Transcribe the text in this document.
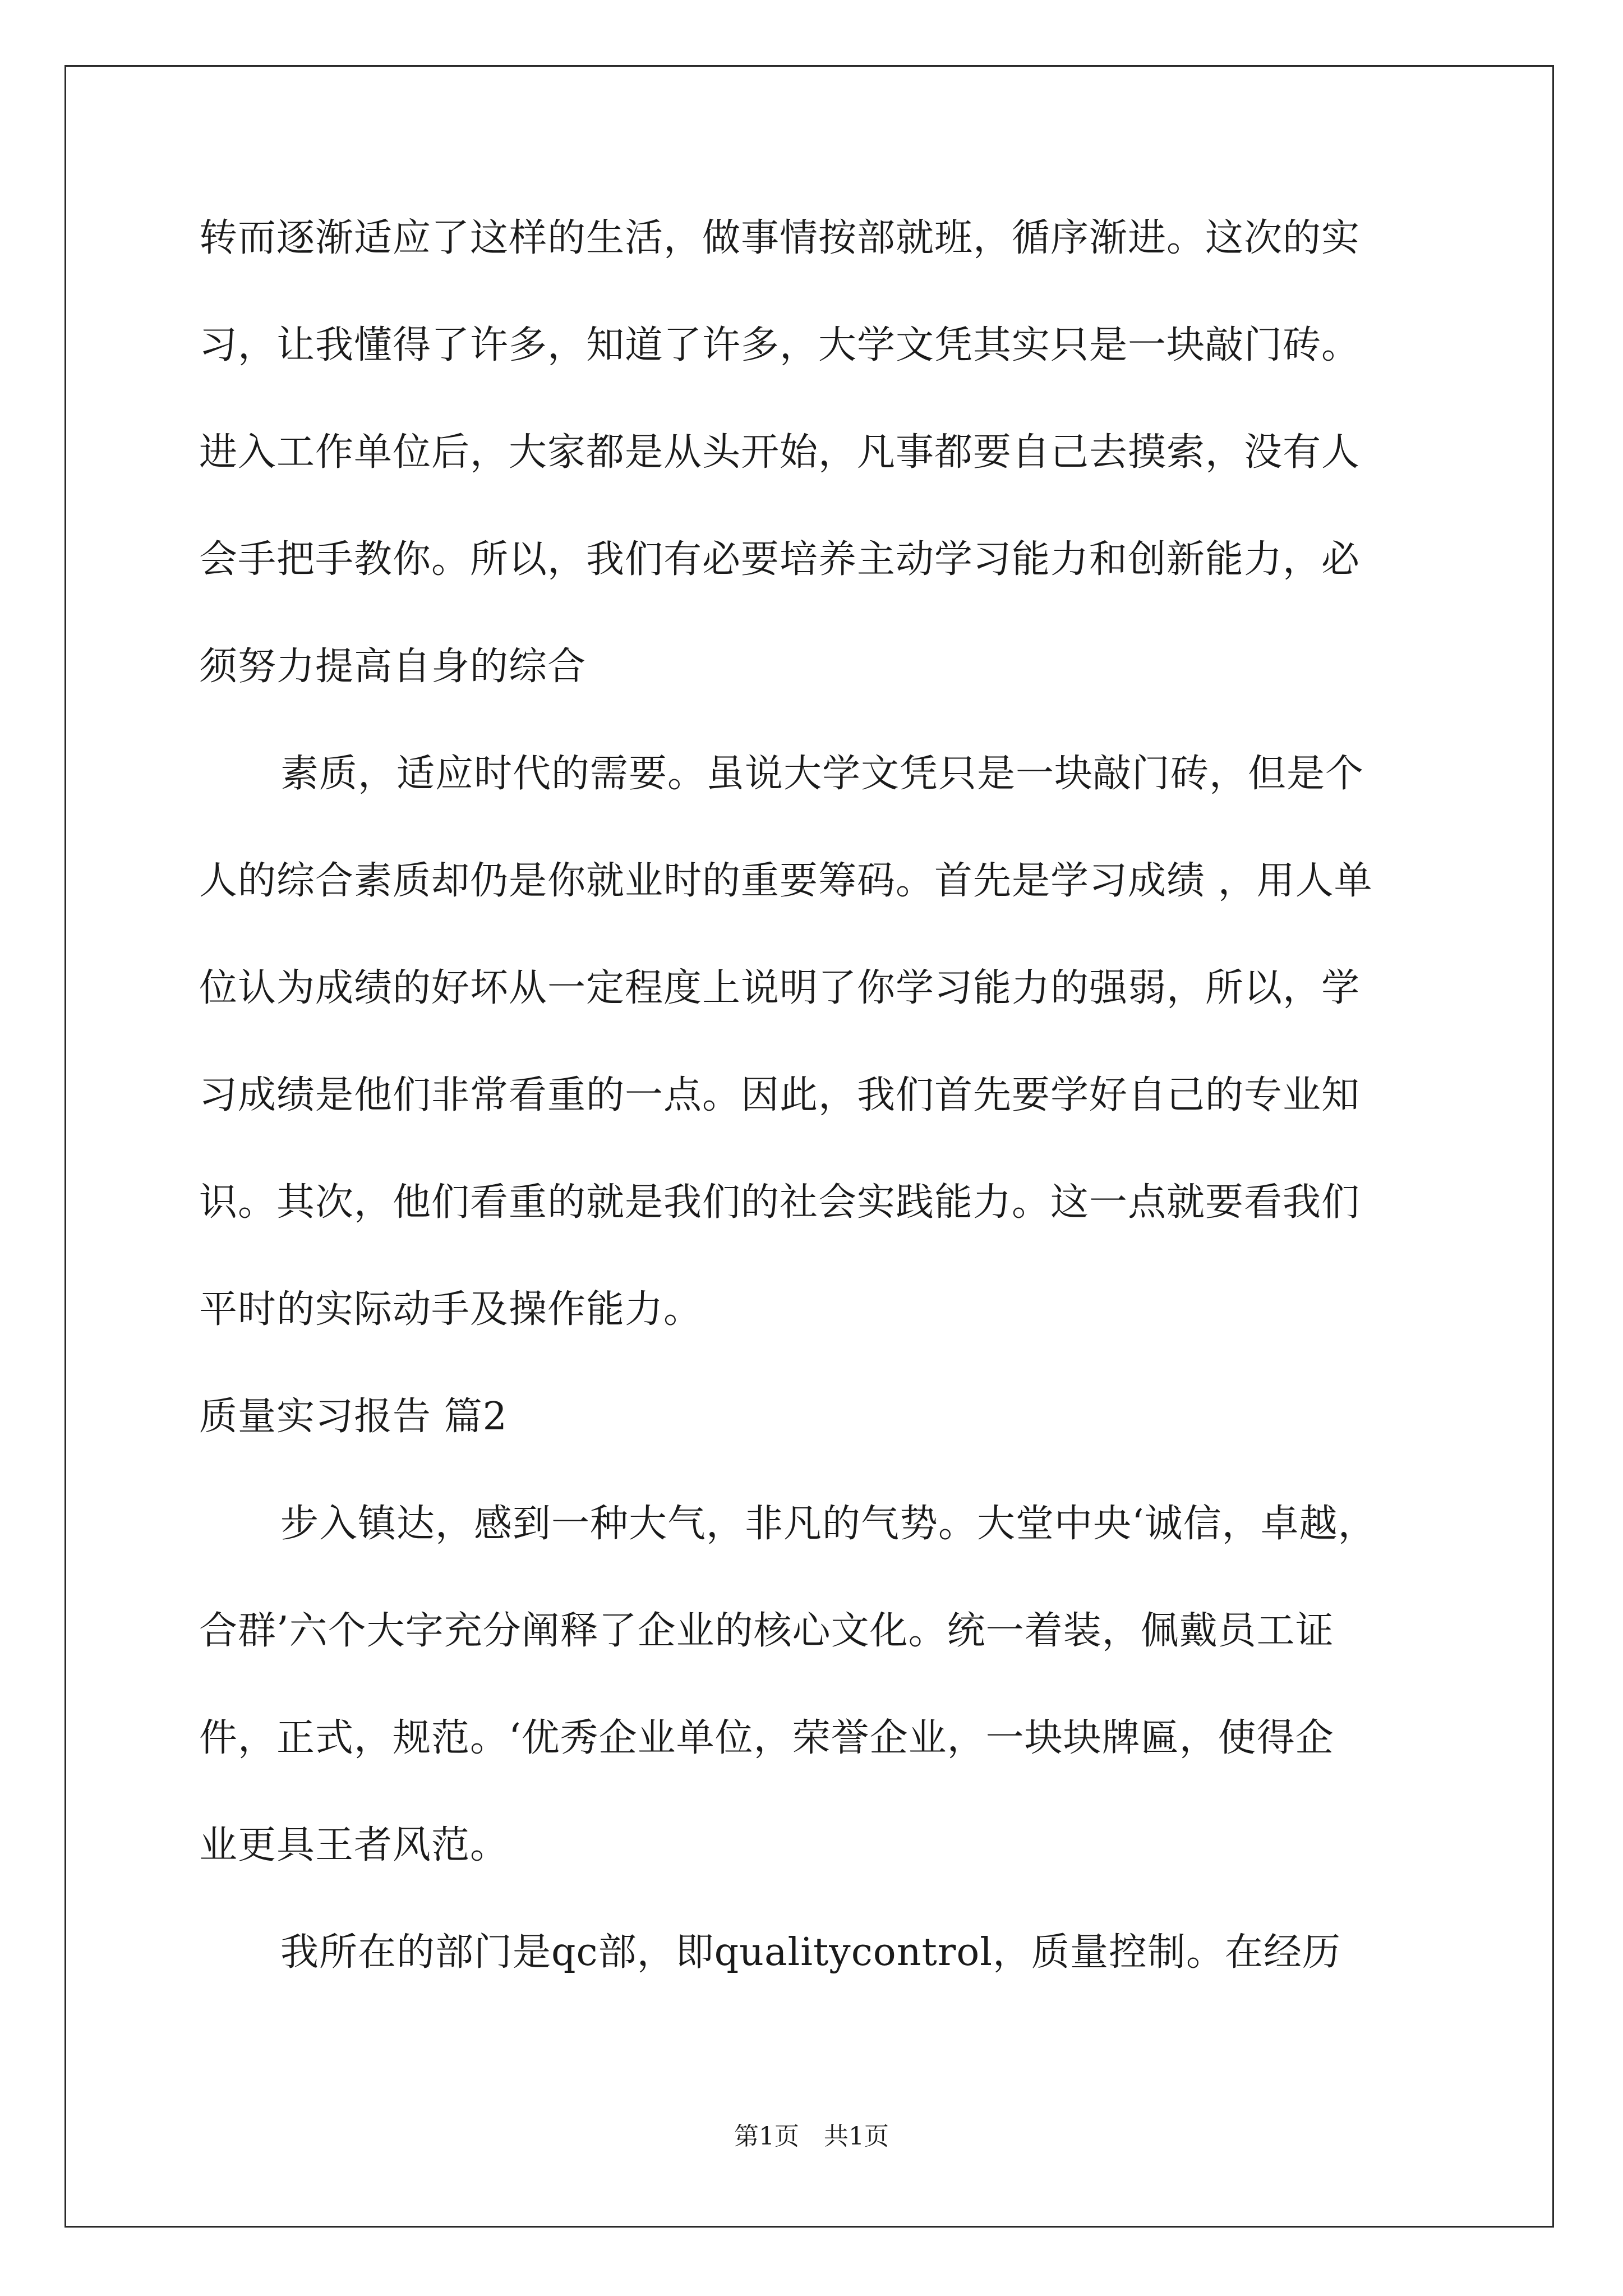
转而逐渐适应了这样的生活，做事情按部就班，循序渐进。这次的实
习，让我懂得了许多，知道了许多，大学文凭其实只是一块敲门砖。
进入工作单位后，大家都是从头开始，凡事都要自己去摸索，没有人
会手把手教你。所以，我们有必要培养主动学习能力和创新能力，必
须努力提高自身的综合
素质，适应时代的需要。虽说大学文凭只是一块敲门砖，但是个
人的综合素质却仍是你就业时的重要筹码。首先是学习成绩 ，用人单
位认为成绩的好坏从一定程度上说明了你学习能力的强弱，所以，学
习成绩是他们非常看重的一点。因此，我们首先要学好自己的专业知
识。其次，他们看重的就是我们的社会实践能力。这一点就要看我们
平时的实际动手及操作能力。
质量实习报告 篇2
步入镇达，感到一种大气，非凡的气势。大堂中央‘诚信，卓越，
合群’六个大字充分阐释了企业的核心文化。统一着装，佩戴员工证
件，正式，规范。‘优秀企业单位，荣誉企业，一块块牌匾，使得企
业更具王者风范。
我所在的部门是qc部，即qualitycontrol，质量控制。在经历
第1页　共1页
